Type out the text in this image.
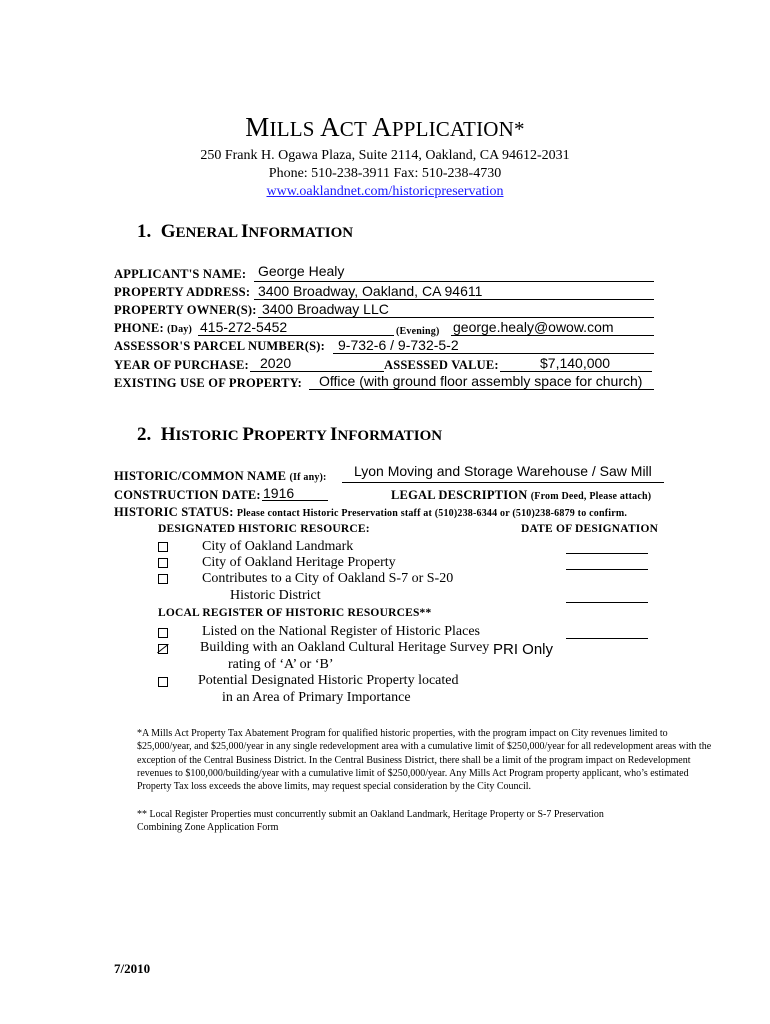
MILLS ACT APPLICATION*
250 Frank H. Ogawa Plaza, Suite 2114, Oakland, CA 94612-2031
Phone: 510-238-3911 Fax: 510-238-4730
www.oaklandnet.com/historicpreservation
1. GENERAL INFORMATION
APPLICANT'S NAME: George Healy
PROPERTY ADDRESS: 3400 Broadway, Oakland, CA 94611
PROPERTY OWNER(S): 3400 Broadway LLC
PHONE: (Day) 415-272-5452	(Evening) george.healy@owow.com
ASSESSOR'S PARCEL NUMBER(S): 9-732-6 / 9-732-5-2
YEAR OF PURCHASE: 2020	ASSESSED VALUE:	$7,140,000
EXISTING USE OF PROPERTY: Office (with ground floor assembly space for church)
2. HISTORIC PROPERTY INFORMATION
HISTORIC/COMMON NAME (If any): Lyon Moving and Storage Warehouse / Saw Mill
CONSTRUCTION DATE: 1916	LEGAL DESCRIPTION (From Deed, Please attach)
HISTORIC STATUS: Please contact Historic Preservation staff at (510)238-6344 or (510)238-6879 to confirm.
DESIGNATED HISTORIC RESOURCE:	DATE OF DESIGNATION
City of Oakland Landmark
City of Oakland Heritage Property
Contributes to a City of Oakland S-7 or S-20
Historic District
LOCAL REGISTER OF HISTORIC RESOURCES**
Listed on the National Register of Historic Places
Building with an Oakland Cultural Heritage Survey
rating of ‘A’ or ‘B’
PRI Only
Potential Designated Historic Property located
in an Area of Primary Importance
*A Mills Act Property Tax Abatement Program for qualified historic properties, with the program impact on City revenues limited to $25,000/year, and $25,000/year in any single redevelopment area with a cumulative limit of $250,000/year for all redevelopment areas with the exception of the Central Business District. In the Central Business District, there shall be a limit of the program impact on Redevelopment revenues to $100,000/building/year with a cumulative limit of $250,000/year. Any Mills Act Program property applicant, who’s estimated Property Tax loss exceeds the above limits, may request special consideration by the City Council.
** Local Register Properties must concurrently submit an Oakland Landmark, Heritage Property or S-7 Preservation Combining Zone Application Form
7/2010
